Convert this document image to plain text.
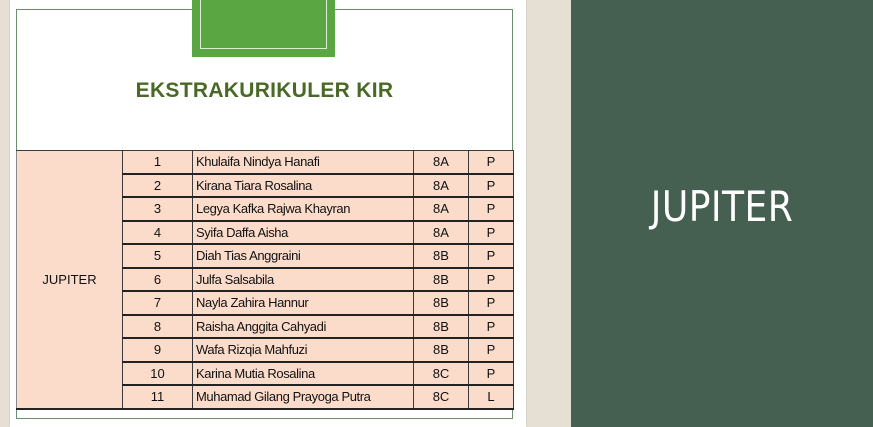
EKSTRAKURIKULER KIR
JUPITER	1	Khulaifa Nindya Hanafi	8A	P
	2	Kirana Tiara Rosalina	8A	P
	3	Legya Kafka Rajwa Khayran	8A	P
	4	Syifa Daffa Aisha	8A	P
	5	Diah Tias Anggraini	8B	P
	6	Julfa Salsabila	8B	P
	7	Nayla Zahira Hannur	8B	P
	8	Raisha Anggita Cahyadi	8B	P
	9	Wafa Rizqia Mahfuzi	8B	P
	10	Karina Mutia Rosalina	8C	P
	11	Muhamad Gilang Prayoga Putra	8C	L
JUPITER
